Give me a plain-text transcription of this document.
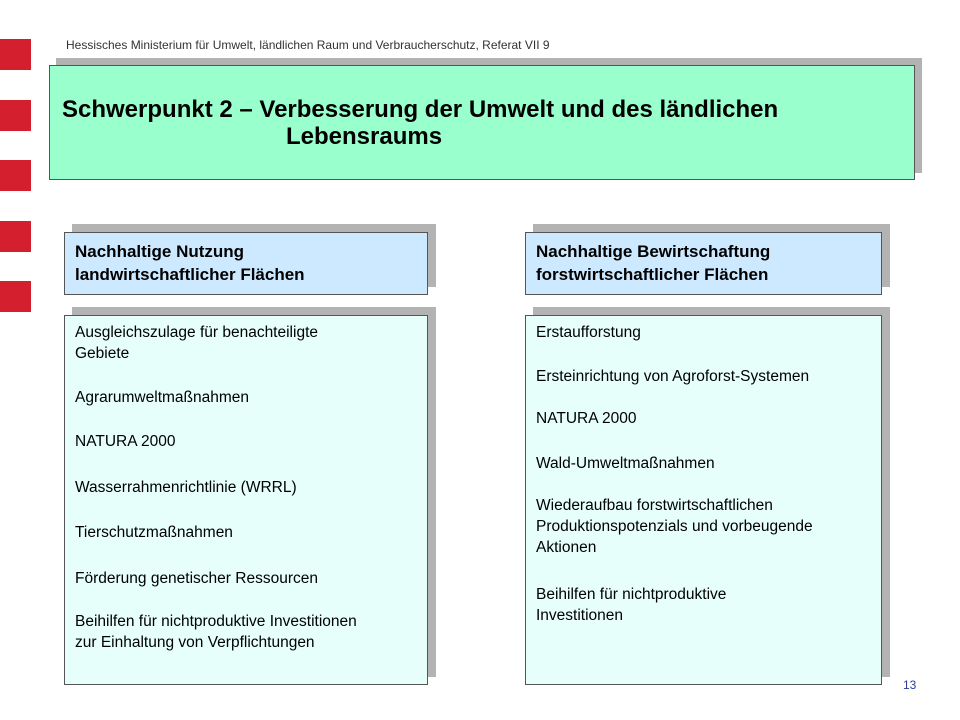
Hessisches Ministerium für Umwelt, ländlichen Raum und Verbraucherschutz, Referat VII 9
Schwerpunkt 2 – Verbesserung der Umwelt und des ländlichen
Lebensraums
Nachhaltige Nutzung
landwirtschaftlicher Flächen
Nachhaltige Bewirtschaftung
forstwirtschaftlicher Flächen
Ausgleichszulage für benachteiligte
Gebiete
Agrarumweltmaßnahmen
NATURA 2000
Wasserrahmenrichtlinie (WRRL)
Tierschutzmaßnahmen
Förderung genetischer Ressourcen
Beihilfen für nichtproduktive Investitionen
zur Einhaltung von Verpflichtungen
Erstaufforstung
Ersteinrichtung von Agroforst-Systemen
NATURA 2000
Wald-Umweltmaßnahmen
Wiederaufbau forstwirtschaftlichen
Produktionspotenzials und vorbeugende
Aktionen
Beihilfen für nichtproduktive
Investitionen
13
